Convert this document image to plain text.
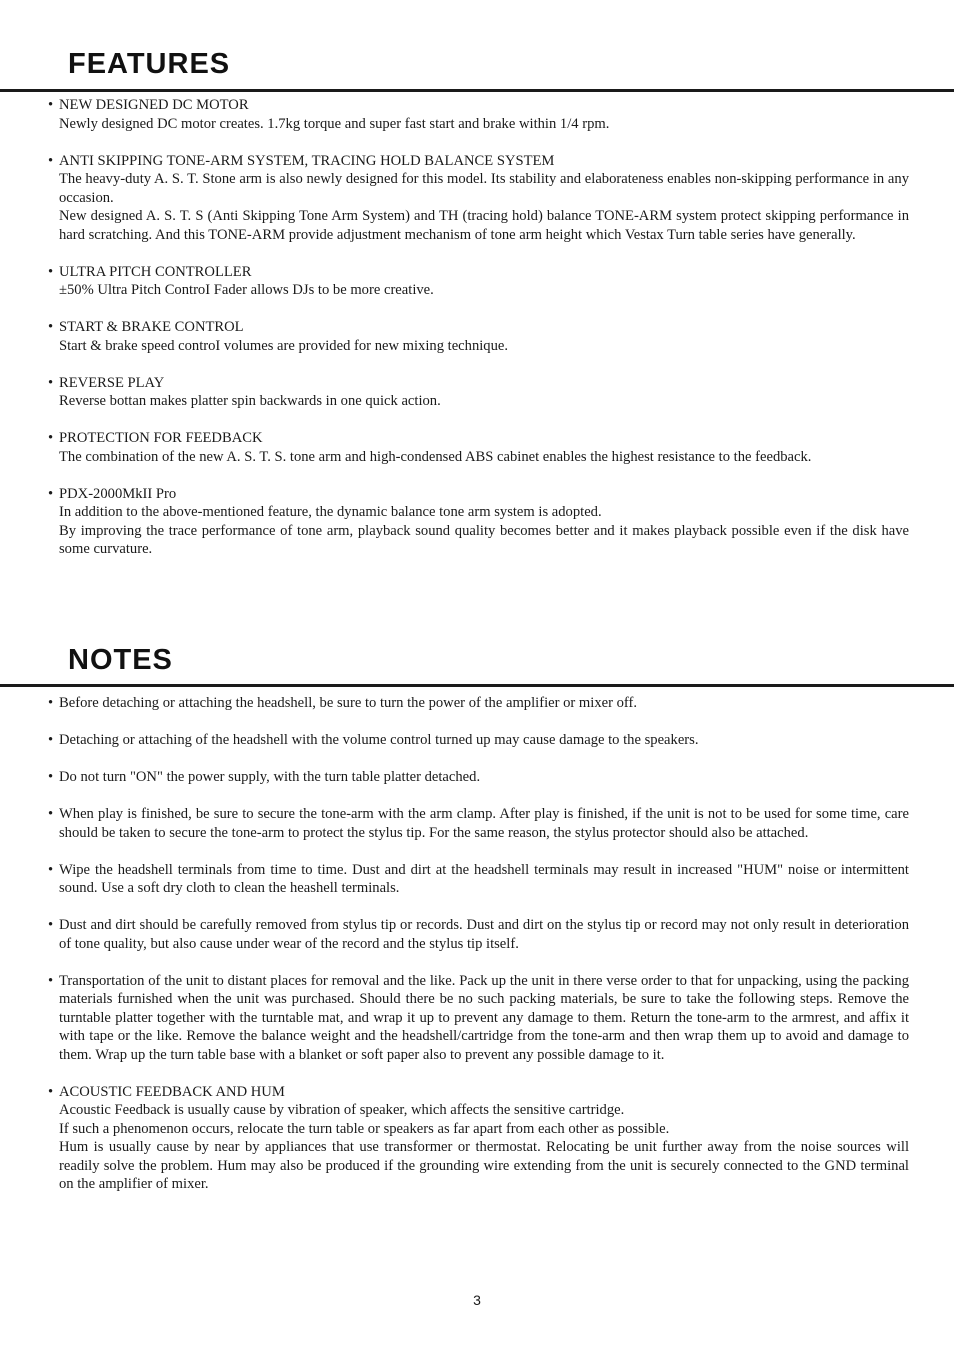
FEATURES
• NEW DESIGNED DC MOTOR

Newly designed DC motor creates. 1.7kg torque and super fast start and brake within 1/4 rpm.

• ANTI SKIPPING TONE-ARM SYSTEM, TRACING HOLD BALANCE SYSTEM

The heavy-duty A. S. T. Stone arm is also newly designed for this model. Its stability and elaborateness enables non-skipping performance in any occasion.

New designed A. S. T. S (Anti Skipping Tone Arm System) and TH (tracing hold) balance TONE-ARM system protect skipping performance in hard scratching. And this TONE-ARM provide adjustment mechanism of tone arm height which Vestax Turn table series have generally.

• ULTRA PITCH CONTROLLER

±50% Ultra Pitch ControI Fader allows DJs to be more creative.

• START & BRAKE CONTROL

Start & brake speed controI volumes are provided for new mixing technique.

• REVERSE PLAY

Reverse bottan makes platter spin backwards in one quick action.

• PROTECTION FOR FEEDBACK

The combination of the new A. S. T. S. tone arm and high-condensed ABS cabinet enables the highest resistance to the feedback.

• PDX-2000MkII Pro

In addition to the above-mentioned feature, the dynamic balance tone arm system is adopted.

By improving the trace performance of tone arm, playback sound quality becomes better and it makes playback possible even if the disk have some curvature.

NOTES

• Before detaching or attaching the headshell, be sure to turn the power of the amplifier or mixer off.

• Detaching or attaching of the headshell with the volume control turned up may cause damage to the speakers.

• Do not turn "ON" the power supply, with the turn table platter detached.

• When play is finished, be sure to secure the tone-arm with the arm clamp. After play is finished, if the unit is not to be used for some time, care should be taken to secure the tone-arm to protect the stylus tip. For the same reason, the stylus protector should also be attached.

• Wipe the headshell terminals from time to time. Dust and dirt at the headshell terminals may result in increased "HUM" noise or intermittent sound. Use a soft dry cloth to clean the heashell terminals.

• Dust and dirt should be carefully removed from stylus tip or records. Dust and dirt on the stylus tip or record may not only result in deterioration of tone quality, but also cause under wear of the record and the stylus tip itself.

• Transportation of the unit to distant places for removal and the like. Pack up the unit in there verse order to that for unpacking, using the packing materials furnished when the unit was purchased. Should there be no such packing materials, be sure to take the following steps. Remove the turntable platter together with the turntable mat, and wrap it up to prevent any damage to them. Return the tone-arm to the armrest, and affix it with tape or the like. Remove the balance weight and the headshell/cartridge from the tone-arm and then wrap them up to avoid and damage to them. Wrap up the turn table base with a blanket or soft paper also to prevent any possible damage to it.

• ACOUSTIC FEEDBACK AND HUM

Acoustic Feedback is usually cause by vibration of speaker, which affects the sensitive cartridge.

If such a phenomenon occurs, relocate the turn table or speakers as far apart from each other as possible.

Hum is usually cause by near by appliances that use transformer or thermostat. Relocating be unit further away from the noise sources will readily solve the problem. Hum may also be produced if the grounding wire extending from the unit is securely connected to the GND terminal on the amplifier of mixer.

3
